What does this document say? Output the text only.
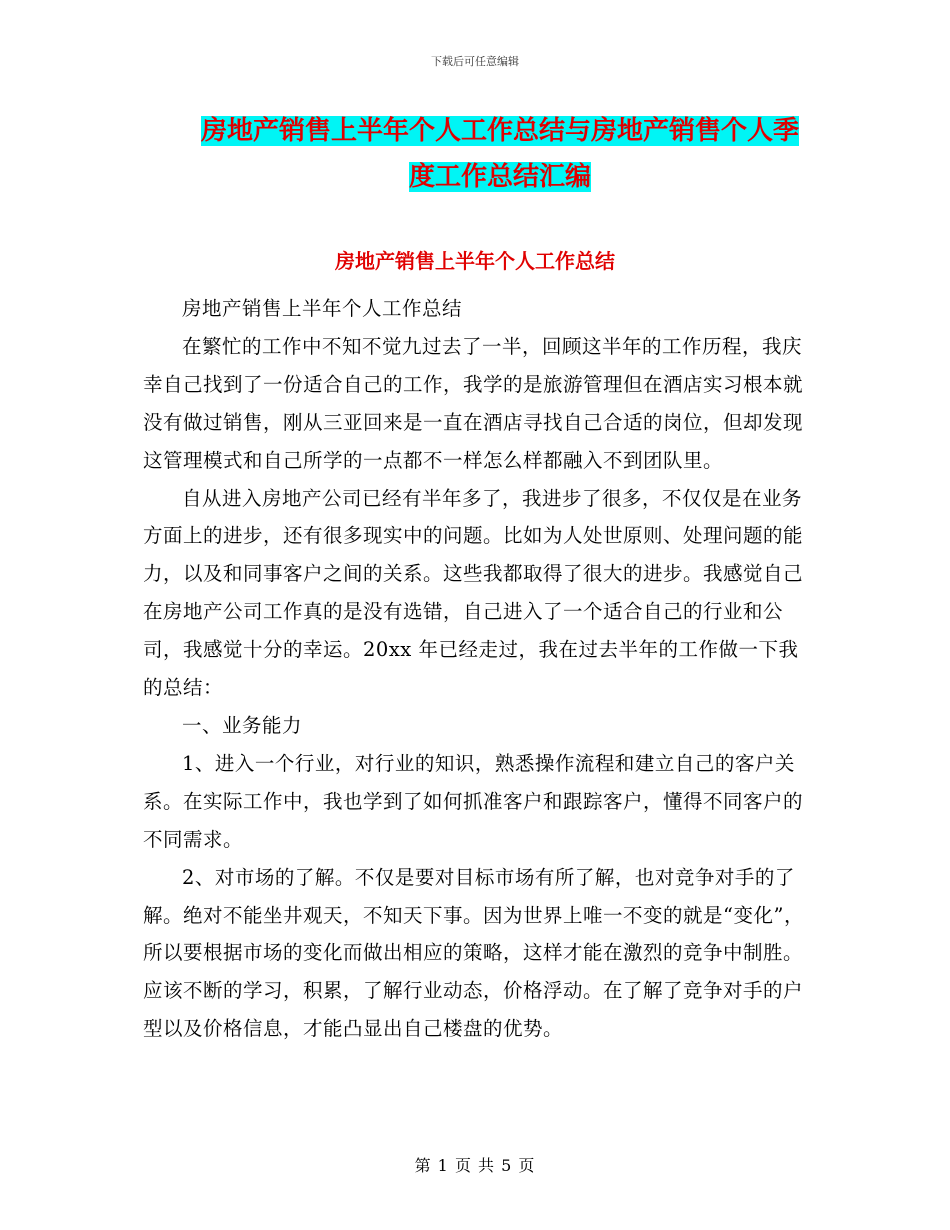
下载后可任意编辑
房地产销售上半年个人工作总结与房地产销售个人季
度工作总结汇编
房地产销售上半年个人工作总结

房地产销售上半年个人工作总结

在繁忙的工作中不知不觉九过去了一半，回顾这半年的工作历程，我庆幸自己找到了一份适合自己的工作，我学的是旅游管理但在酒店实习根本就没有做过销售，刚从三亚回来是一直在酒店寻找自己合适的岗位，但却发现这管理模式和自己所学的一点都不一样怎么样都融入不到团队里。

自从进入房地产公司已经有半年多了，我进步了很多，不仅仅是在业务方面上的进步，还有很多现实中的问题。比如为人处世原则、处理问题的能力，以及和同事客户之间的关系。这些我都取得了很大的进步。我感觉自己在房地产公司工作真的是没有选错，自己进入了一个适合自己的行业和公司，我感觉十分的幸运。20xx 年已经走过，我在过去半年的工作做一下我的总结：

一、业务能力

1、进入一个行业，对行业的知识，熟悉操作流程和建立自己的客户关系。在实际工作中，我也学到了如何抓准客户和跟踪客户，懂得不同客户的不同需求。

2、对市场的了解。不仅是要对目标市场有所了解，也对竞争对手的了解。绝对不能坐井观天，不知天下事。因为世界上唯一不变的就是“变化”，所以要根据市场的变化而做出相应的策略，这样才能在激烈的竞争中制胜。应该不断的学习，积累，了解行业动态，价格浮动。在了解了竞争对手的户型以及价格信息，才能凸显出自己楼盘的优势。

第 1 页 共 5 页
